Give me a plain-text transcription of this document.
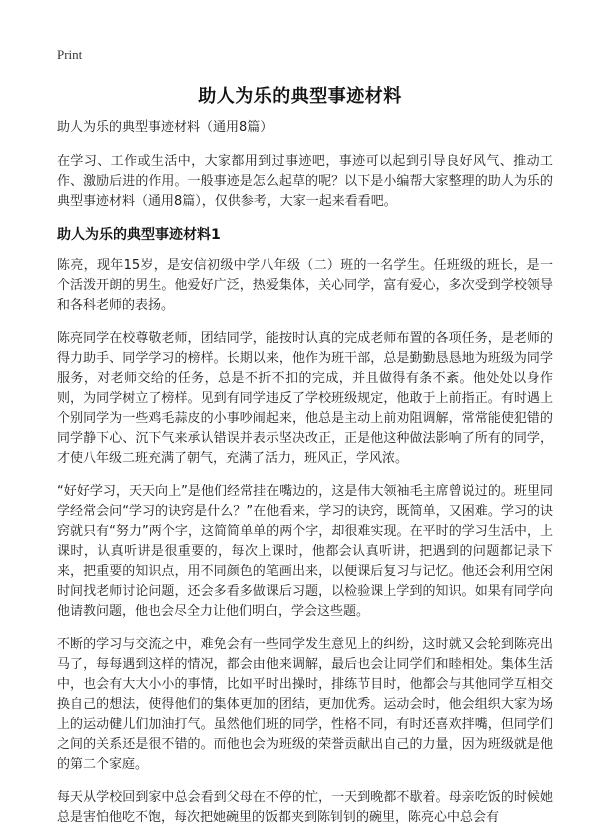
Print
助人为乐的典型事迹材料

助人为乐的典型事迹材料（通用8篇）

在学习、工作或生活中，大家都用到过事迹吧，事迹可以起到引导良好风气、推动工作、激励后进的作用。一般事迹是怎么起草的呢？以下是小编帮大家整理的助人为乐的典型事迹材料（通用8篇），仅供参考，大家一起来看看吧。

助人为乐的典型事迹材料1

陈亮，现年15岁，是安信初级中学八年级（二）班的一名学生。任班级的班长，是一个活泼开朗的男生。他爱好广泛，热爱集体，关心同学，富有爱心，多次受到学校领导和各科老师的表扬。

陈亮同学在校尊敬老师，团结同学，能按时认真的完成老师布置的各项任务，是老师的得力助手、同学学习的榜样。长期以来，他作为班干部，总是勤勤恳恳地为班级为同学服务，对老师交给的任务，总是不折不扣的完成，并且做得有条不紊。他处处以身作则，为同学树立了榜样。见到有同学违反了学校班级规定，他敢于上前指正。有时遇上个别同学为一些鸡毛蒜皮的小事吵闹起来，他总是主动上前劝阻调解，常常能使犯错的同学静下心、沉下气来承认错误并表示坚决改正，正是他这种做法影响了所有的同学，才使八年级二班充满了朝气，充满了活力，班风正，学风浓。

“好好学习，天天向上”是他们经常挂在嘴边的，这是伟大领袖毛主席曾说过的。班里同学经常会问“学习的诀窍是什么？”在他看来，学习的诀窍，既简单，又困难。学习的诀窍就只有“努力”两个字，这简简单单的两个字，却很难实现。在平时的学习生活中，上课时，认真听讲是很重要的，每次上课时，他都会认真听讲，把遇到的问题都记录下来，把重要的知识点，用不同颜色的笔画出来，以便课后复习与记忆。他还会利用空闲时间找老师讨论问题，还会多看多做课后习题，以检验课上学到的知识。如果有同学向他请教问题，他也会尽全力让他们明白，学会这些题。

不断的学习与交流之中，难免会有一些同学发生意见上的纠纷，这时就又会轮到陈亮出马了，每每遇到这样的情况，都会由他来调解，最后也会让同学们和睦相处。集体生活中，也会有大大小小的事情，比如平时出操时，排练节目时，他都会与其他同学互相交换自己的想法，使得他们的集体更加的团结，更加优秀。运动会时，他会组织大家为场上的运动健儿们加油打气。虽然他们班的同学，性格不同，有时还喜欢拌嘴，但同学们之间的关系还是很不错的。而他也会为班级的荣誉贡献出自己的力量，因为班级就是他的第二个家庭。

每天从学校回到家中总会看到父母在不停的忙，一天到晚都不歇着。母亲吃饭的时候她总是害怕他吃不饱，每次把她碗里的饭都夹到陈钊钊的碗里，陈亮心中总会有
